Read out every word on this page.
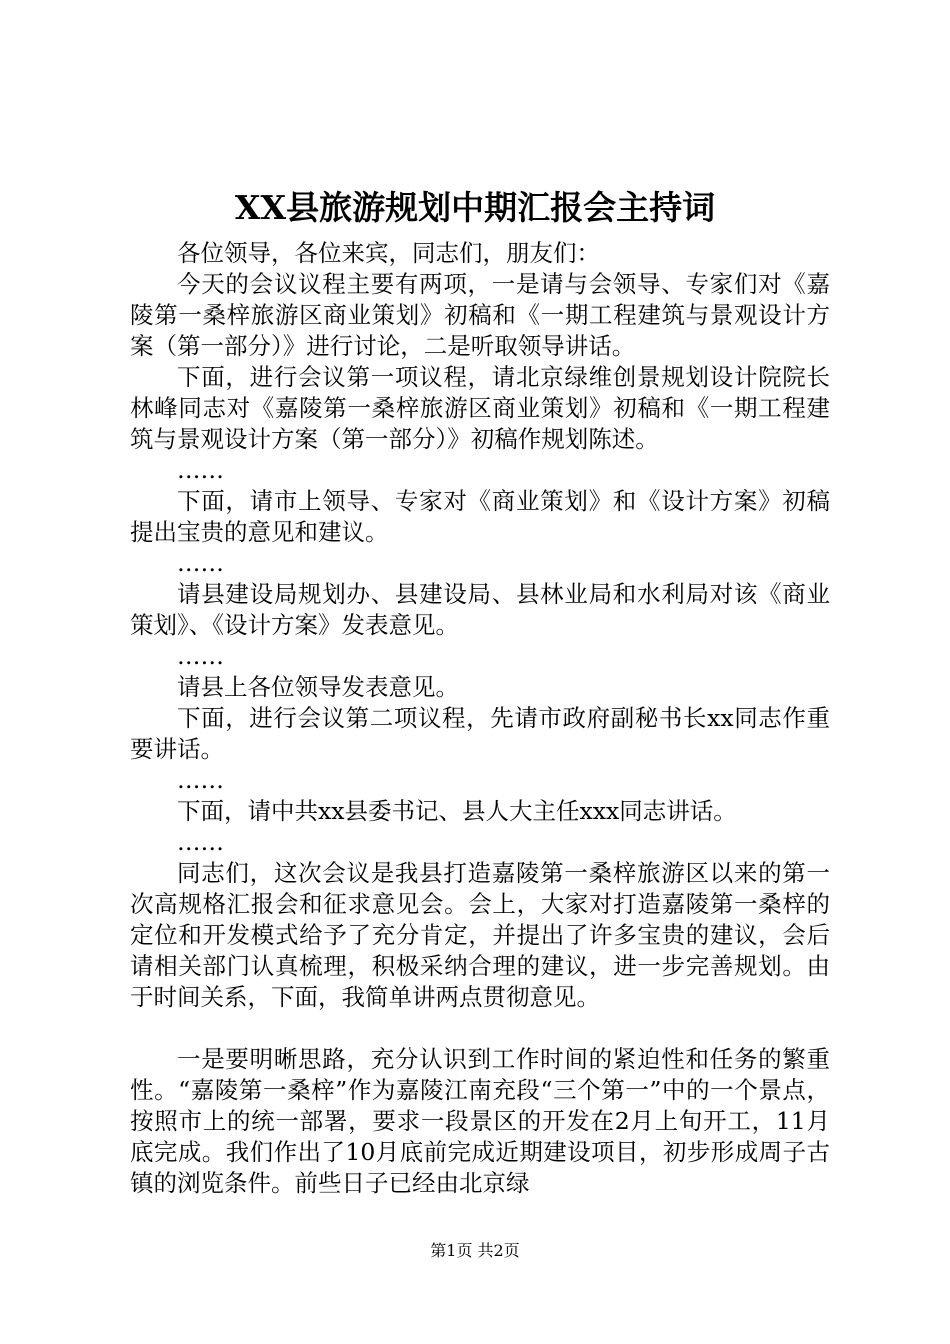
XX县旅游规划中期汇报会主持词

各位领导，各位来宾，同志们，朋友们：

今天的会议议程主要有两项，一是请与会领导、专家们对《嘉陵第一桑梓旅游区商业策划》初稿和《一期工程建筑与景观设计方案（第一部分）》进行讨论，二是听取领导讲话。

下面，进行会议第一项议程，请北京绿维创景规划设计院院长林峰同志对《嘉陵第一桑梓旅游区商业策划》初稿和《一期工程建筑与景观设计方案（第一部分）》初稿作规划陈述。

……

下面，请市上领导、专家对《商业策划》和《设计方案》初稿提出宝贵的意见和建议。

……

请县建设局规划办、县建设局、县林业局和水利局对该《商业策划》、《设计方案》发表意见。

……

请县上各位领导发表意见。

下面，进行会议第二项议程，先请市政府副秘书长xx同志作重要讲话。

……

下面，请中共xx县委书记、县人大主任xxx同志讲话。

……

同志们，这次会议是我县打造嘉陵第一桑梓旅游区以来的第一次高规格汇报会和征求意见会。会上，大家对打造嘉陵第一桑梓的定位和开发模式给予了充分肯定，并提出了许多宝贵的建议，会后请相关部门认真梳理，积极采纳合理的建议，进一步完善规划。由于时间关系，下面，我简单讲两点贯彻意见。

一是要明晰思路，充分认识到工作时间的紧迫性和任务的繁重性。“嘉陵第一桑梓”作为嘉陵江南充段“三个第一”中的一个景点，按照市上的统一部署，要求一段景区的开发在2月上旬开工，11月底完成。我们作出了10月底前完成近期建设项目，初步形成周子古镇的浏览条件。前些日子已经由北京绿

第1页 共2页
